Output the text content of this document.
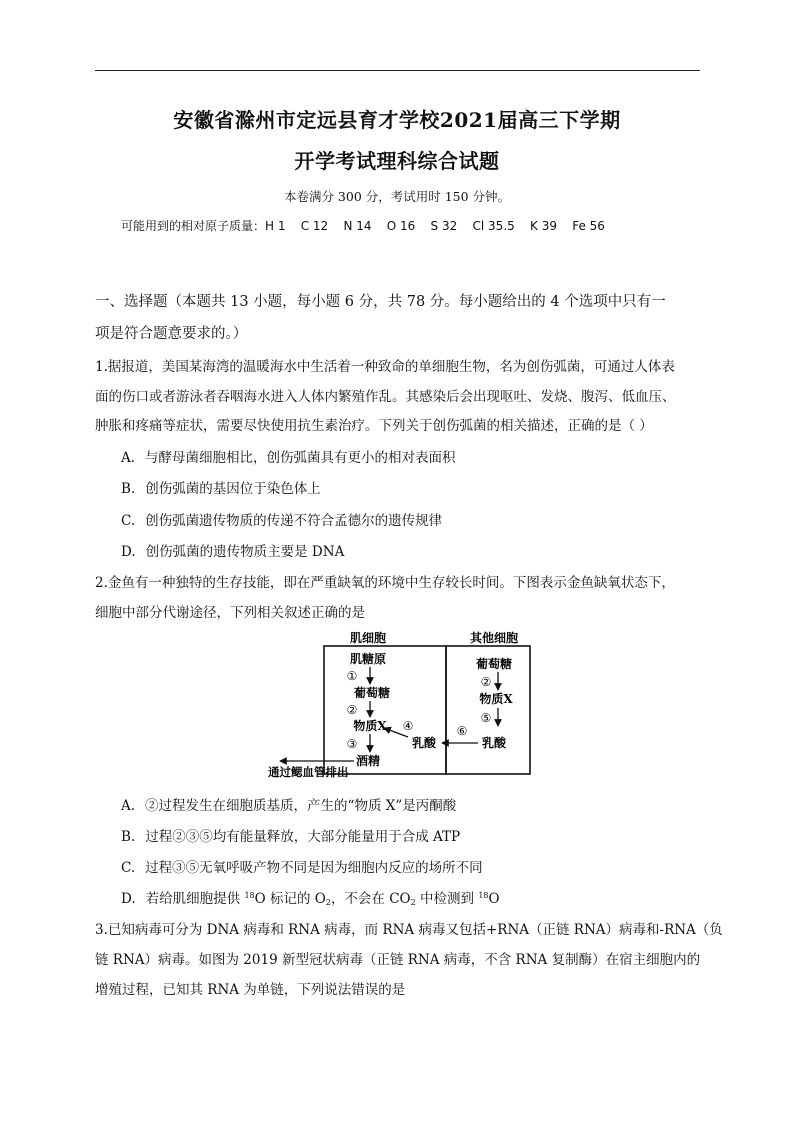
安徽省滁州市定远县育才学校2021届高三下学期
开学考试理科综合试题
本卷满分 300 分，考试用时 150 分钟。
可能用到的相对原子质量：H 1    C 12    N 14    O 16    S 32    Cl 35.5    K 39    Fe 56
一、选择题（本题共 13 小题，每小题 6 分，共 78 分。每小题给出的 4 个选项中只有一
项是符合题意要求的。）
1.据报道，美国某海湾的温暖海水中生活着一种致命的单细胞生物，名为创伤弧菌，可通过人体表
面的伤口或者游泳者吞咽海水进入人体内繁殖作乱。其感染后会出现呕吐、发烧、腹泻、低血压、
肿胀和疼痛等症状，需要尽快使用抗生素治疗。下列关于创伤弧菌的相关描述，正确的是（ ）
A. 与酵母菌细胞相比，创伤弧菌具有更小的相对表面积
B. 创伤弧菌的基因位于染色体上
C. 创伤弧菌遗传物质的传递不符合孟德尔的遗传规律
D. 创伤弧菌的遗传物质主要是 DNA
2.金鱼有一种独特的生存技能，即在严重缺氧的环境中生存较长时间。下图表示金鱼缺氧状态下，
细胞中部分代谢途径，下列相关叙述正确的是
肌细胞	其他细胞
肌糖原
①
葡萄糖
②
物质X
③
酒精
乳酸
④
葡萄糖
②
物质X
⑤
乳酸
⑥
通过鳃血管排出
A. ②过程发生在细胞质基质，产生的“物质 X”是丙酮酸
B. 过程②③⑤均有能量释放，大部分能量用于合成 ATP
C. 过程③⑤无氧呼吸产物不同是因为细胞内反应的场所不同
D. 若给肌细胞提供 $^{18}$O 标记的 $O_2$，不会在 $CO_2$ 中检测到 $^{18}$O
3.已知病毒可分为 DNA 病毒和 RNA 病毒，而 RNA 病毒又包括+RNA（正链 RNA）病毒和-RNA（负
链 RNA）病毒。如图为 2019 新型冠状病毒（正链 RNA 病毒，不含 RNA 复制酶）在宿主细胞内的
增殖过程，已知其 RNA 为单链，下列说法错误的是
